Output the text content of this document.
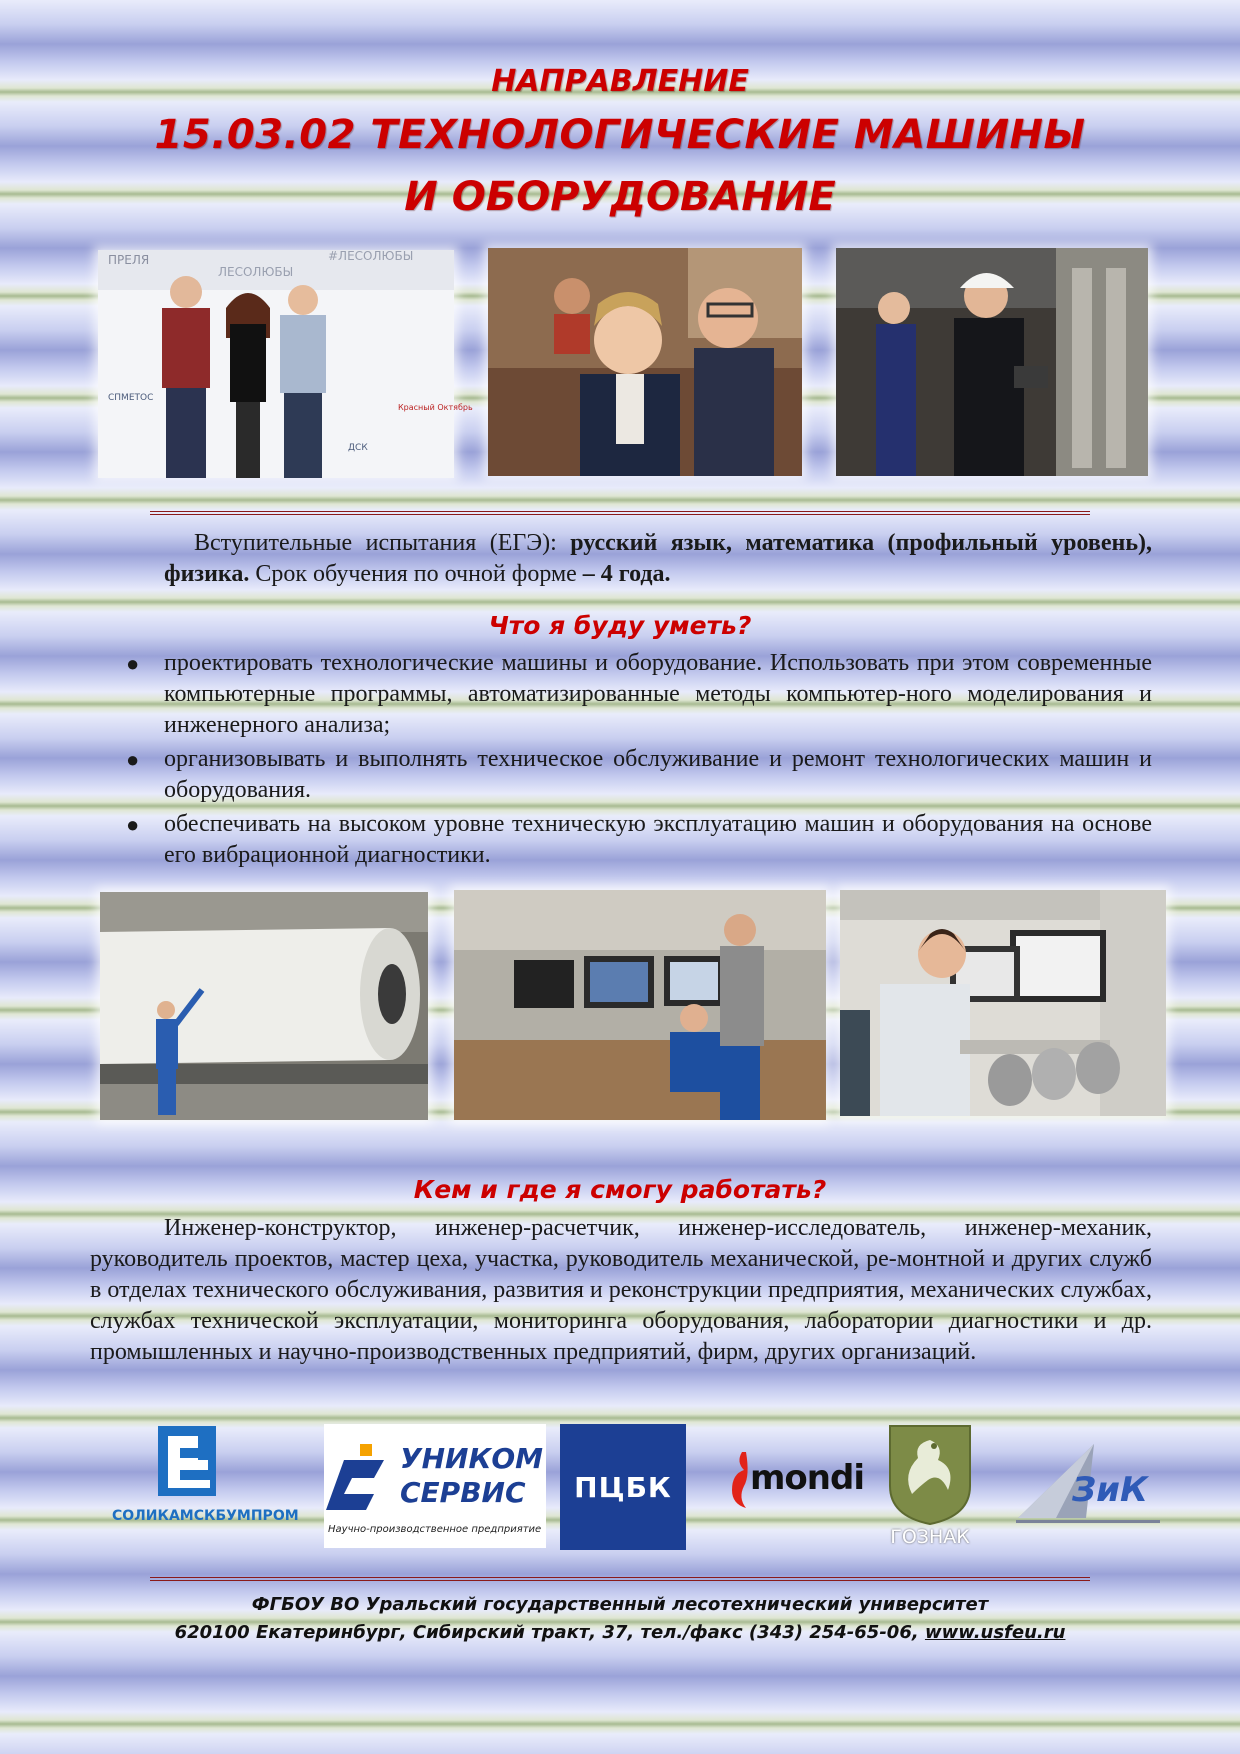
НАПРАВЛЕНИЕ
15.03.02 ТЕХНОЛОГИЧЕСКИЕ МАШИНЫ
И ОБОРУДОВАНИЕ
ПРЕЛЯ
ЛЕСОЛЮБЫ
#ЛЕСОЛЮБЫ
СПМЕТОС
Красный Октябрь
ДСК

Вступительные испытания (ЕГЭ): русский язык, математика (профильный уровень), физика. Срок обучения по очной форме – 4 года.

Что я буду уметь?
● проектировать технологические машины и оборудование. Использовать при этом современные компьютерные программы, автоматизированные методы компьютер-ного моделирования и инженерного анализа;
● организовывать и выполнять техническое обслуживание и ремонт технологических машин и оборудования.
● обеспечивать на высоком уровне техническую эксплуатацию машин и оборудования на основе его вибрационной диагностики.
Кем и где я смогу работать?

Инженер-конструктор, инженер-расчетчик, инженер-исследователь, инженер-механик, руководитель проектов, мастер цеха, участка, руководитель механической, ре-монтной и других служб в отделах технического обслуживания, развития и реконструкции предприятия, механических службах, службах технической эксплуатации, мониторинга оборудования, лаборатории диагностики и др. промышленных и научно-производственных предприятий, фирм, других организаций.

СОЛИКАМСКБУМПРОМ
УНИКОМ
СЕРВИС
Научно-производственное предприятие
ПЦБК mondi
ГОЗНАК
ЗиК

ФГБОУ ВО Уральский государственный лесотехнический университет

620100 Екатеринбург, Сибирский тракт, 37, тел./факс (343) 254-65-06, www.usfeu.ru
